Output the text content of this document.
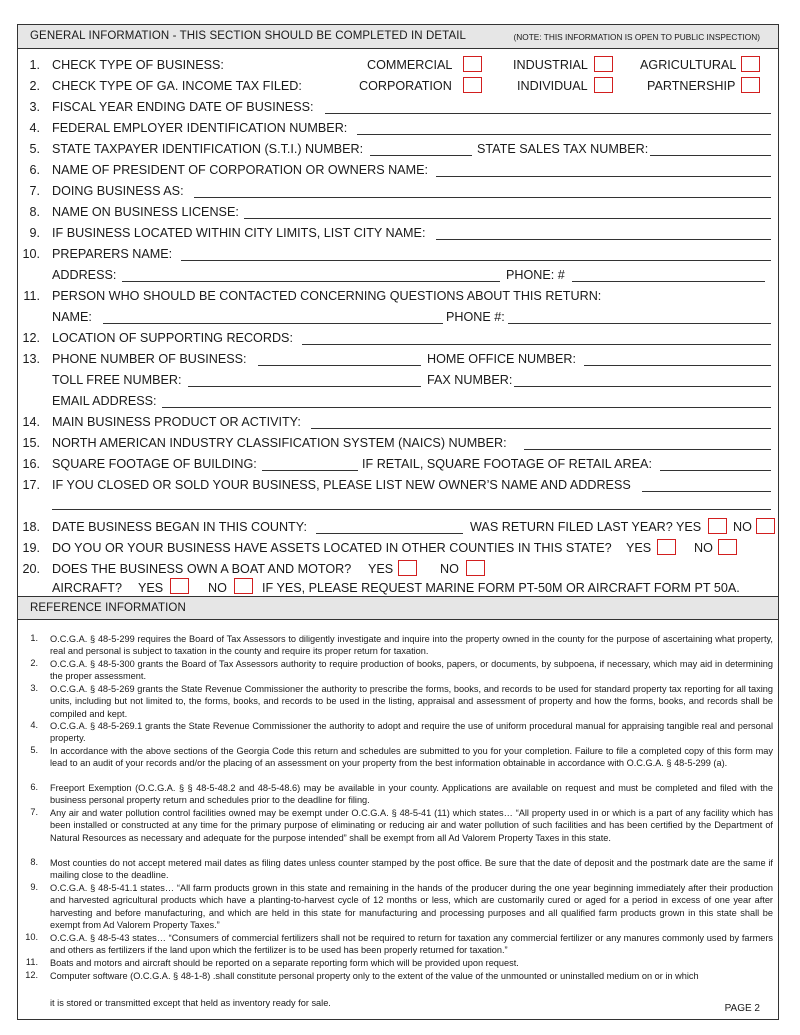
GENERAL INFORMATION - THIS SECTION SHOULD BE COMPLETED IN DETAIL	(NOTE: THIS INFORMATION IS OPEN TO PUBLIC INSPECTION)
1. CHECK TYPE OF BUSINESS:	COMMERCIAL	INDUSTRIAL	AGRICULTURAL
2. CHECK TYPE OF GA. INCOME TAX FILED:	CORPORATION	INDIVIDUAL	PARTNERSHIP
3. FISCAL YEAR ENDING DATE OF BUSINESS:
4. FEDERAL EMPLOYER IDENTIFICATION NUMBER:
5. STATE TAXPAYER IDENTIFICATION (S.T.I.) NUMBER:	STATE SALES TAX NUMBER:
6. NAME OF PRESIDENT OF CORPORATION OR OWNERS NAME:
7. DOING BUSINESS AS:
8. NAME ON BUSINESS LICENSE:
9. IF BUSINESS LOCATED WITHIN CITY LIMITS, LIST CITY NAME:
10. PREPARERS NAME:
ADDRESS:	PHONE: #
11. PERSON WHO SHOULD BE CONTACTED CONCERNING QUESTIONS ABOUT THIS RETURN:
NAME:	PHONE #:
12. LOCATION OF SUPPORTING RECORDS:
13. PHONE NUMBER OF BUSINESS:	HOME OFFICE NUMBER:
TOLL FREE NUMBER:	FAX NUMBER:
EMAIL ADDRESS:
14. MAIN BUSINESS PRODUCT OR ACTIVITY:
15. NORTH AMERICAN INDUSTRY CLASSIFICATION SYSTEM (NAICS) NUMBER:
16. SQUARE FOOTAGE OF BUILDING:	IF RETAIL, SQUARE FOOTAGE OF RETAIL AREA:
17. IF YOU CLOSED OR SOLD YOUR BUSINESS, PLEASE LIST NEW OWNER’S NAME AND ADDRESS
18. DATE BUSINESS BEGAN IN THIS COUNTY:	WAS RETURN FILED LAST YEAR? YES	NO
19. DO YOU OR YOUR BUSINESS HAVE ASSETS LOCATED IN OTHER COUNTIES IN THIS STATE? YES	NO
20. DOES THE BUSINESS OWN A BOAT AND MOTOR? YES	NO
AIRCRAFT? YES	NO	IF YES, PLEASE REQUEST MARINE FORM PT-50M OR AIRCRAFT FORM PT 50A.
REFERENCE INFORMATION
1. O.C.G.A. § 48-5-299 requires the Board of Tax Assessors to diligently investigate and inquire into the property owned in the county for the purpose of ascertaining what property, real and personal is subject to taxation in the county and require its proper return for taxation.
2. O.C.G.A. § 48-5-300 grants the Board of Tax Assessors authority to require production of books, papers, or documents, by subpoena, if necessary, which may aid in determining the proper assessment.
3. O.C.G.A. § 48-5-269 grants the State Revenue Commissioner the authority to prescribe the forms, books, and records to be used for standard property tax reporting for all taxing units, including but not limited to, the forms, books, and records to be used in the listing, appraisal and assessment of property and how the forms, books, and records shall be compiled and kept.
4. O.C.G.A. § 48-5-269.1 grants the State Revenue Commissioner the authority to adopt and require the use of uniform procedural manual for appraising tangible real and personal property.
5. In accordance with the above sections of the Georgia Code this return and schedules are submitted to you for your completion. Failure to file a completed copy of this form may lead to an audit of your records and/or the placing of an assessment on your property from the best information obtainable in accordance with O.C.G.A. § 48-5-299 (a).
6. Freeport Exemption (O.C.G.A. § § 48-5-48.2 and 48-5-48.6) may be available in your county. Applications are available on request and must be completed and filed with the business personal property return and schedules prior to the deadline for filing.
7. Any air and water pollution control facilities owned may be exempt under O.C.G.A. § 48-5-41 (11) which states… “All property used in or which is a part of any facility which has been installed or constructed at any time for the primary purpose of eliminating or reducing air and water pollution of such facilities and has been certified by the Department of Natural Resources as necessary and adequate for the purpose intended” shall be exempt from all Ad Valorem Property Taxes in this state.
8. Most counties do not accept metered mail dates as filing dates unless counter stamped by the post office. Be sure that the date of deposit and the postmark date are the same if mailing close to the deadline.
9. O.C.G.A. § 48-5-41.1 states… “All farm products grown in this state and remaining in the hands of the producer during the one year beginning immediately after their production and harvested agricultural products which have a planting-to-harvest cycle of 12 months or less, which are customarily cured or aged for a period in excess of one year after harvesting and before manufacturing, and which are held in this state for manufacturing and processing purposes and all qualified farm products grown in this state shall be exempt from Ad Valorem Property Taxes.”
10. O.C.G.A. § 48-5-43 states… “Consumers of commercial fertilizers shall not be required to return for taxation any commercial fertilizer or any manures commonly used by farmers and others as fertilizers if the land upon which the fertilizer is to be used has been properly returned for taxation.”
11. Boats and motors and aircraft should be reported on a separate reporting form which will be provided upon request.
12. Computer software (O.C.G.A. § 48-1-8) .shall constitute personal property only to the extent of the value of the unmounted or uninstalled medium on or in which
it is stored or transmitted except that held as inventory ready for sale.	PAGE 2
